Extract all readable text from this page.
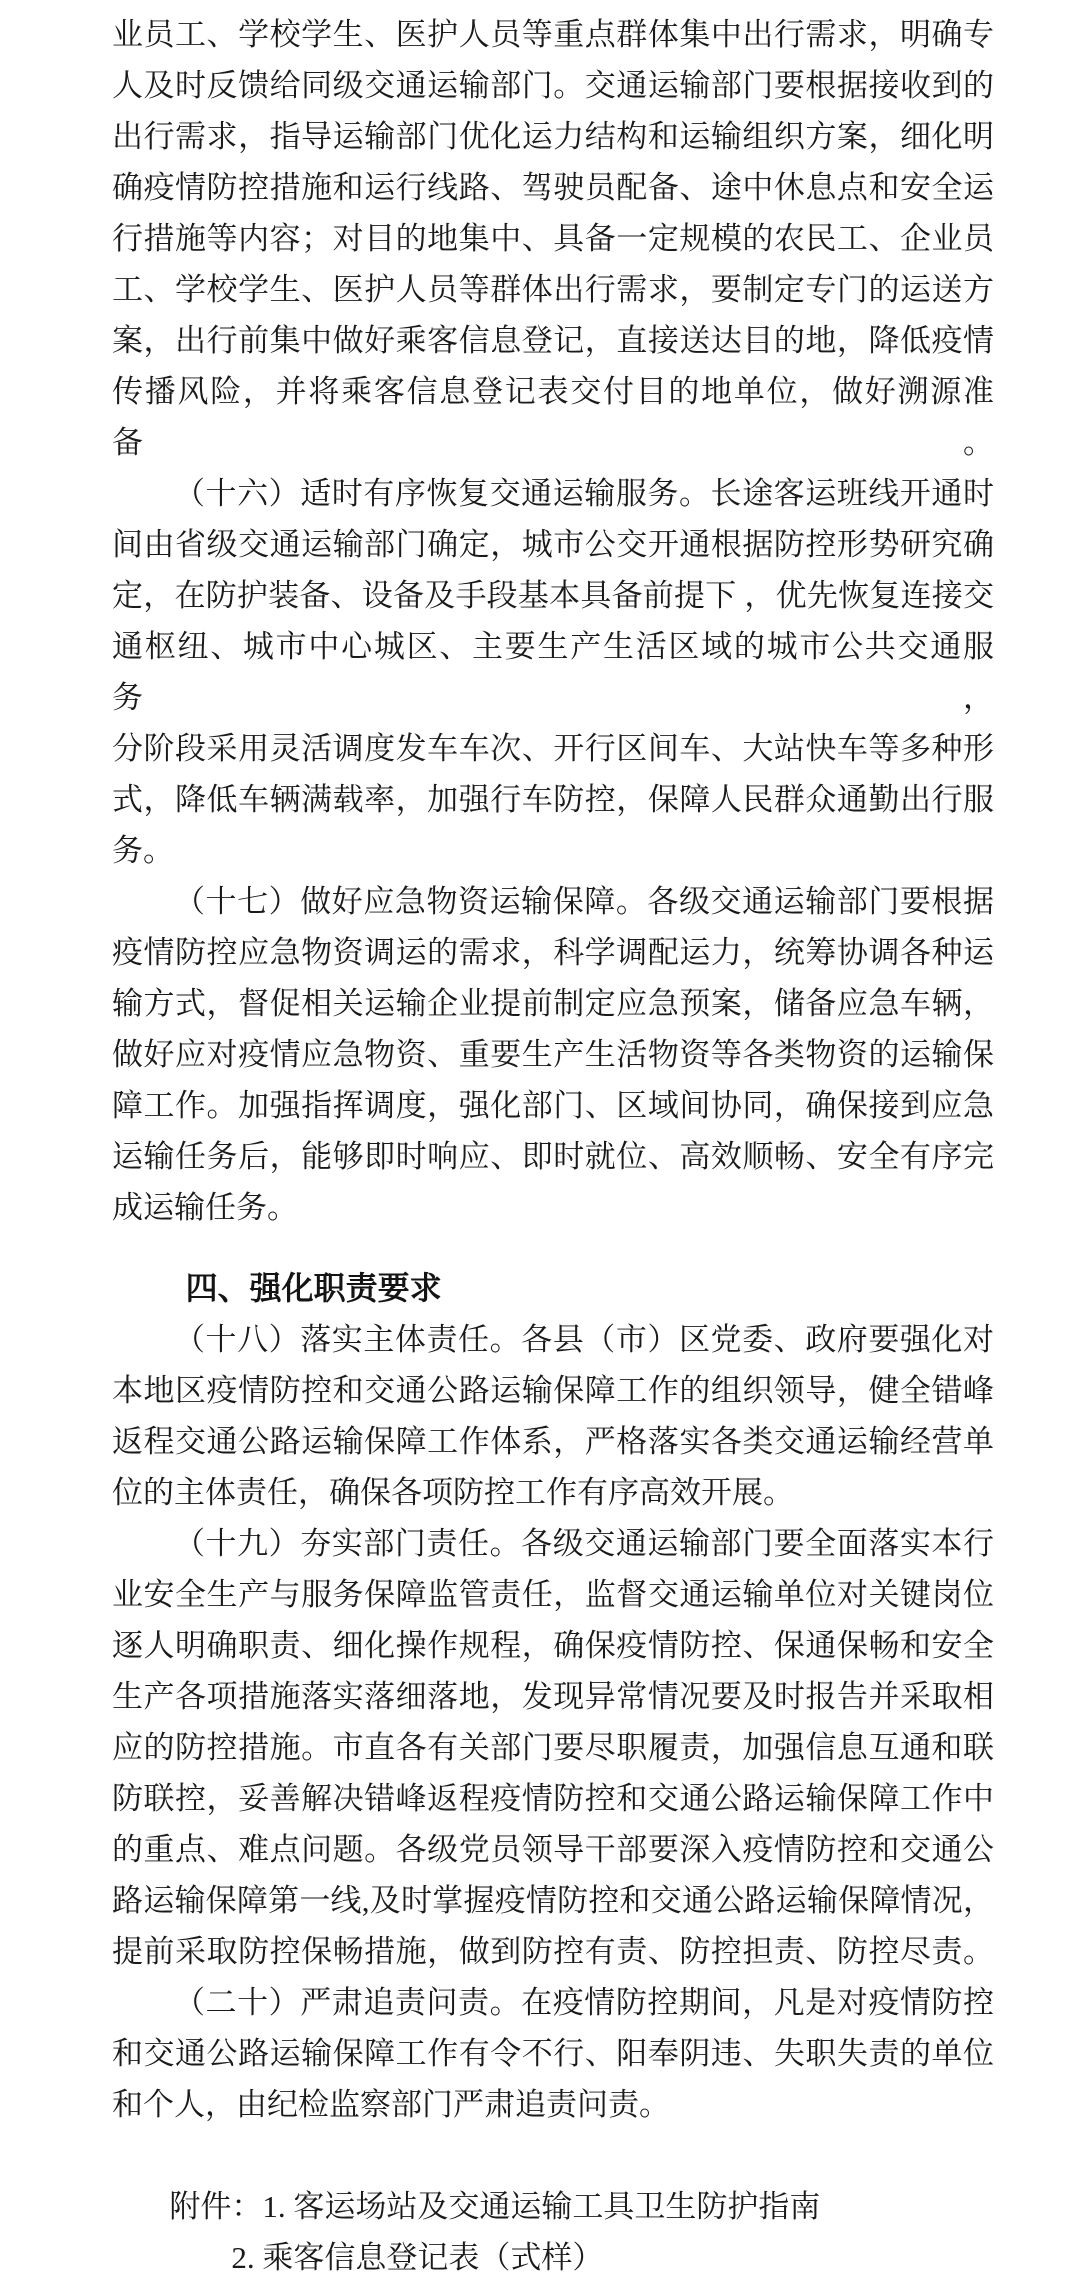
业员工、学校学生、医护人员等重点群体集中出行需求，明确专
人及时反馈给同级交通运输部门。交通运输部门要根据接收到的
出行需求，指导运输部门优化运力结构和运输组织方案，细化明
确疫情防控措施和运行线路、驾驶员配备、途中休息点和安全运
行措施等内容；对目的地集中、具备一定规模的农民工、企业员
工、学校学生、医护人员等群体出行需求，要制定专门的运送方
案，出行前集中做好乘客信息登记，直接送达目的地，降低疫情
传播风险，并将乘客信息登记表交付目的地单位，做好溯源准备。
（十六）适时有序恢复交通运输服务。长途客运班线开通时
间由省级交通运输部门确定，城市公交开通根据防控形势研究确
定，在防护装备、设备及手段基本具备前提下 ，优先恢复连接交
通枢纽、城市中心城区、主要生产生活区域的城市公共交通服务，
分阶段采用灵活调度发车车次、开行区间车、大站快车等多种形
式，降低车辆满载率，加强行车防控，保障人民群众通勤出行服
务。
（十七）做好应急物资运输保障。各级交通运输部门要根据
疫情防控应急物资调运的需求，科学调配运力，统筹协调各种运
输方式，督促相关运输企业提前制定应急预案，储备应急车辆，
做好应对疫情应急物资、重要生产生活物资等各类物资的运输保
障工作。加强指挥调度，强化部门、区域间协同，确保接到应急
运输任务后，能够即时响应、即时就位、高效顺畅、安全有序完
成运输任务。
四、强化职责要求
（十八）落实主体责任。各县（市）区党委、政府要强化对
本地区疫情防控和交通公路运输保障工作的组织领导，健全错峰
返程交通公路运输保障工作体系，严格落实各类交通运输经营单
位的主体责任，确保各项防控工作有序高效开展。
（十九）夯实部门责任。各级交通运输部门要全面落实本行
业安全生产与服务保障监管责任，监督交通运输单位对关键岗位
逐人明确职责、细化操作规程，确保疫情防控、保通保畅和安全
生产各项措施落实落细落地，发现异常情况要及时报告并采取相
应的防控措施。市直各有关部门要尽职履责，加强信息互通和联
防联控，妥善解决错峰返程疫情防控和交通公路运输保障工作中
的重点、难点问题。各级党员领导干部要深入疫情防控和交通公
路运输保障第一线,及时掌握疫情防控和交通公路运输保障情况，
提前采取防控保畅措施，做到防控有责、防控担责、防控尽责。
（二十）严肃追责问责。在疫情防控期间，凡是对疫情防控
和交通公路运输保障工作有令不行、阳奉阴违、失职失责的单位
和个人，由纪检监察部门严肃追责问责。
附件：1. 客运场站及交通运输工具卫生防护指南
2. 乘客信息登记表（式样）
